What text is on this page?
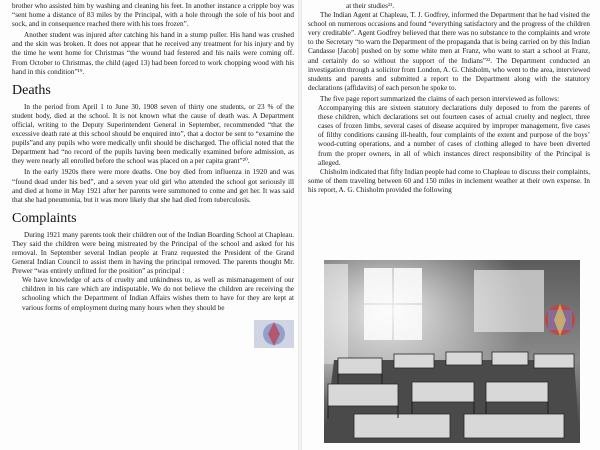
brother who assisted him by washing and cleaning his feet. In another instance a cripple boy was “sent home a distance of 83 miles by the Principal, with a hole through the sole of his boot and sock, and in consequence reached there with his toes frozen”.

Another student was injured after catching his hand in a stump puller. His hand was crushed and the skin was broken. It does not appear that he received any treatment for his injury and by the time he went home for Christmas “the wound had festered and his nails were coming off. From October to Christmas, the child (aged 13) had been forced to work chopping wood with his hand in this condition”¹⁹.

Deaths

In the period from April 1 to June 30, 1908 seven of thirty one students, or 23 % of the student body, died at the school. It is not known what the cause of death was. A Department official, writing to the Deputy Superintendent General in September, recommended “that the excessive death rate at this school should be enquired into”, that a doctor be sent to “examine the pupils”and any pupils who were medically unfit should be discharged. The official noted that the Department had “no record of the pupils having been medically examined before admission, as they were nearly all enrolled before the school was placed on a per capita grant”²⁰.

In the early 1920s there were more deaths. One boy died from influenza in 1920 and was “found dead under his bed”, and a seven year old girl who attended the school got seriously ill and died at home in May 1921 after her parents were summoned to come and get her. It was said that she had pneumonia, but it was more likely that she had died from tuberculosis.

Complaints

During 1921 many parents took their children out of the Indian Boarding School at Chapleau. They said the children were being mistreated by the Principal of the school and asked for his removal. In September several Indian people at Franz requested the President of the Grand General Indian Council to assist them in having the principal removed. The parents thought Mr. Prewer “was entirely unfitted for the position” as principal :

We have knowledge of acts of cruelty and unkindness to, as well as mismanagement of our children in his care which are indisputable. We do not believe the children are receiving the schooling which the Department of Indian Affairs wishes them to have for they are kept at various forms of employment during many hours when they should be

at their studies²¹.

The Indian Agent at Chapleau, T. J. Godfrey, informed the Department that he had visited the school on numerous occasions and found “everything satisfactory and the progress of the children very creditable”. Agent Godfrey believed that there was no substance to the complaints and wrote to the Secretary “to warn the Department of the propaganda that is being carried on by this Indian Candasse [Jacob] pushed on by some white men at Franz, who want to start a school at Franz, and certainly do so without the support of the Indians”²². The Department conducted an investigation through a solicitor from London, A. G. Chisholm, who went to the area, interviewed students and parents and submitted a report to the Department along with the statutory declarations (affidavits) of each person he spoke to.

The five page report summarized the claims of each person interviewed as follows:

Accompanying this are sixteen statutory declarations duly deposed to from the parents of these children, which declarations set out fourteen cases of actual cruelty and neglect, three cases of frozen limbs, several cases of disease acquired by improper management, five cases of filthy conditions causing ill-health, four complaints of the extent and purpose of the boys’ wood-cutting operations, and a number of cases of clothing alleged to have been diverted from the proper owners, in all of which instances direct responsibility of the Principal is alleged.

Chisholm indicated that fifty Indian people had come to Chapleau to discuss their complaints, some of them traveling between 60 and 150 miles in inclement weather at their own expense. In his report, A. G. Chisholm provided the following
